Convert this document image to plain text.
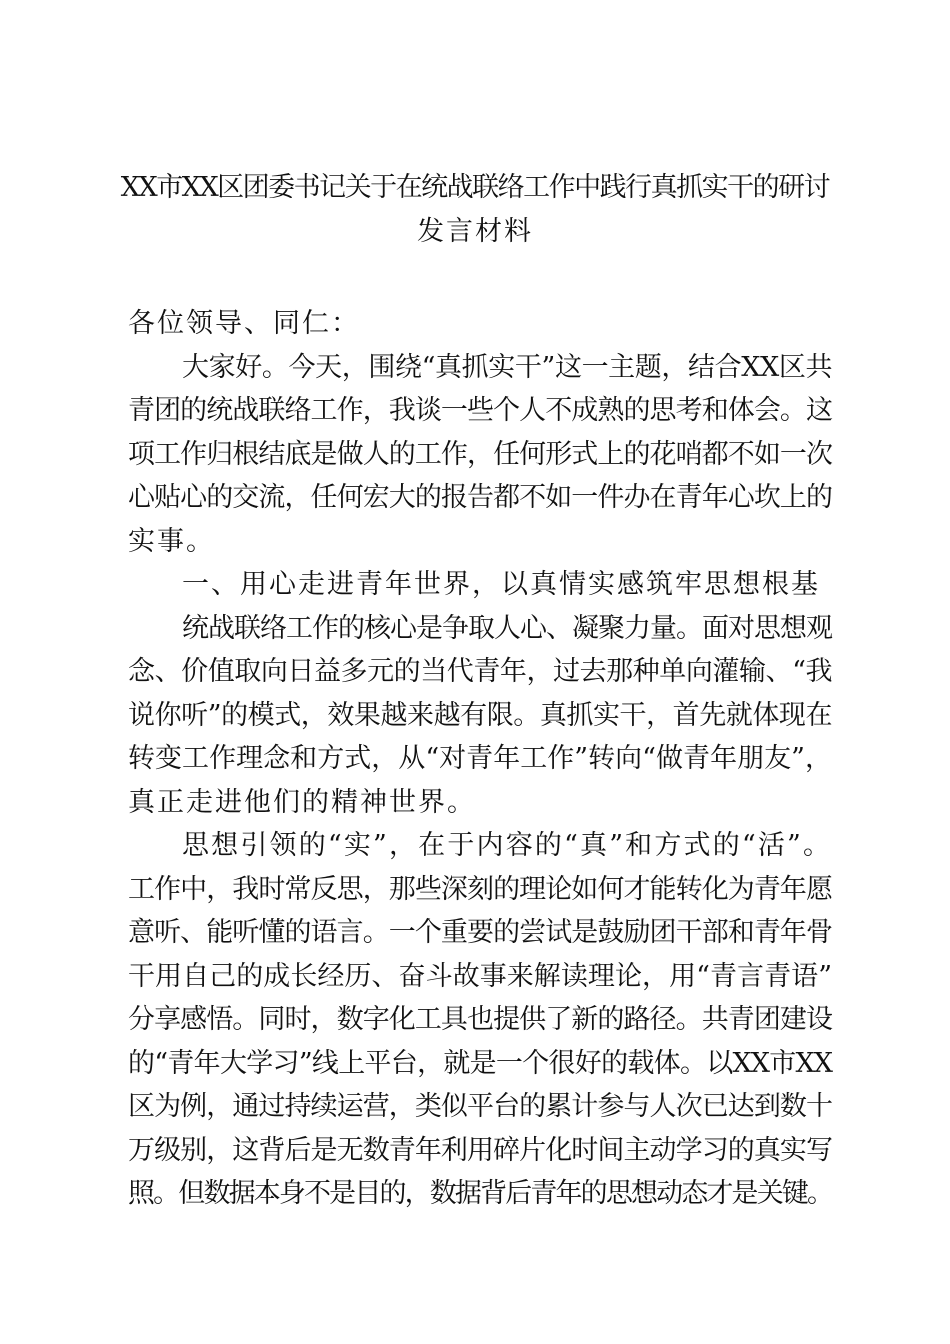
XX市XX区团委书记关于在统战联络工作中践行真抓实干的研讨
发言材料
各位领导、同仁：
大家好。今天，围绕“真抓实干”这一主题，结合XX区共
青团的统战联络工作，我谈一些个人不成熟的思考和体会。这
项工作归根结底是做人的工作，任何形式上的花哨都不如一次
心贴心的交流，任何宏大的报告都不如一件办在青年心坎上的
实事。
一、用心走进青年世界，以真情实感筑牢思想根基
统战联络工作的核心是争取人心、凝聚力量。面对思想观
念、价值取向日益多元的当代青年，过去那种单向灌输、“我
说你听”的模式，效果越来越有限。真抓实干，首先就体现在
转变工作理念和方式，从“对青年工作”转向“做青年朋友”，
真正走进他们的精神世界。
思想引领的“实”，在于内容的“真”和方式的“活”。
工作中，我时常反思，那些深刻的理论如何才能转化为青年愿
意听、能听懂的语言。一个重要的尝试是鼓励团干部和青年骨
干用自己的成长经历、奋斗故事来解读理论，用“青言青语”
分享感悟。同时，数字化工具也提供了新的路径。共青团建设
的“青年大学习”线上平台，就是一个很好的载体。以XX市XX
区为例，通过持续运营，类似平台的累计参与人次已达到数十
万级别，这背后是无数青年利用碎片化时间主动学习的真实写
照。但数据本身不是目的，数据背后青年的思想动态才是关键。
